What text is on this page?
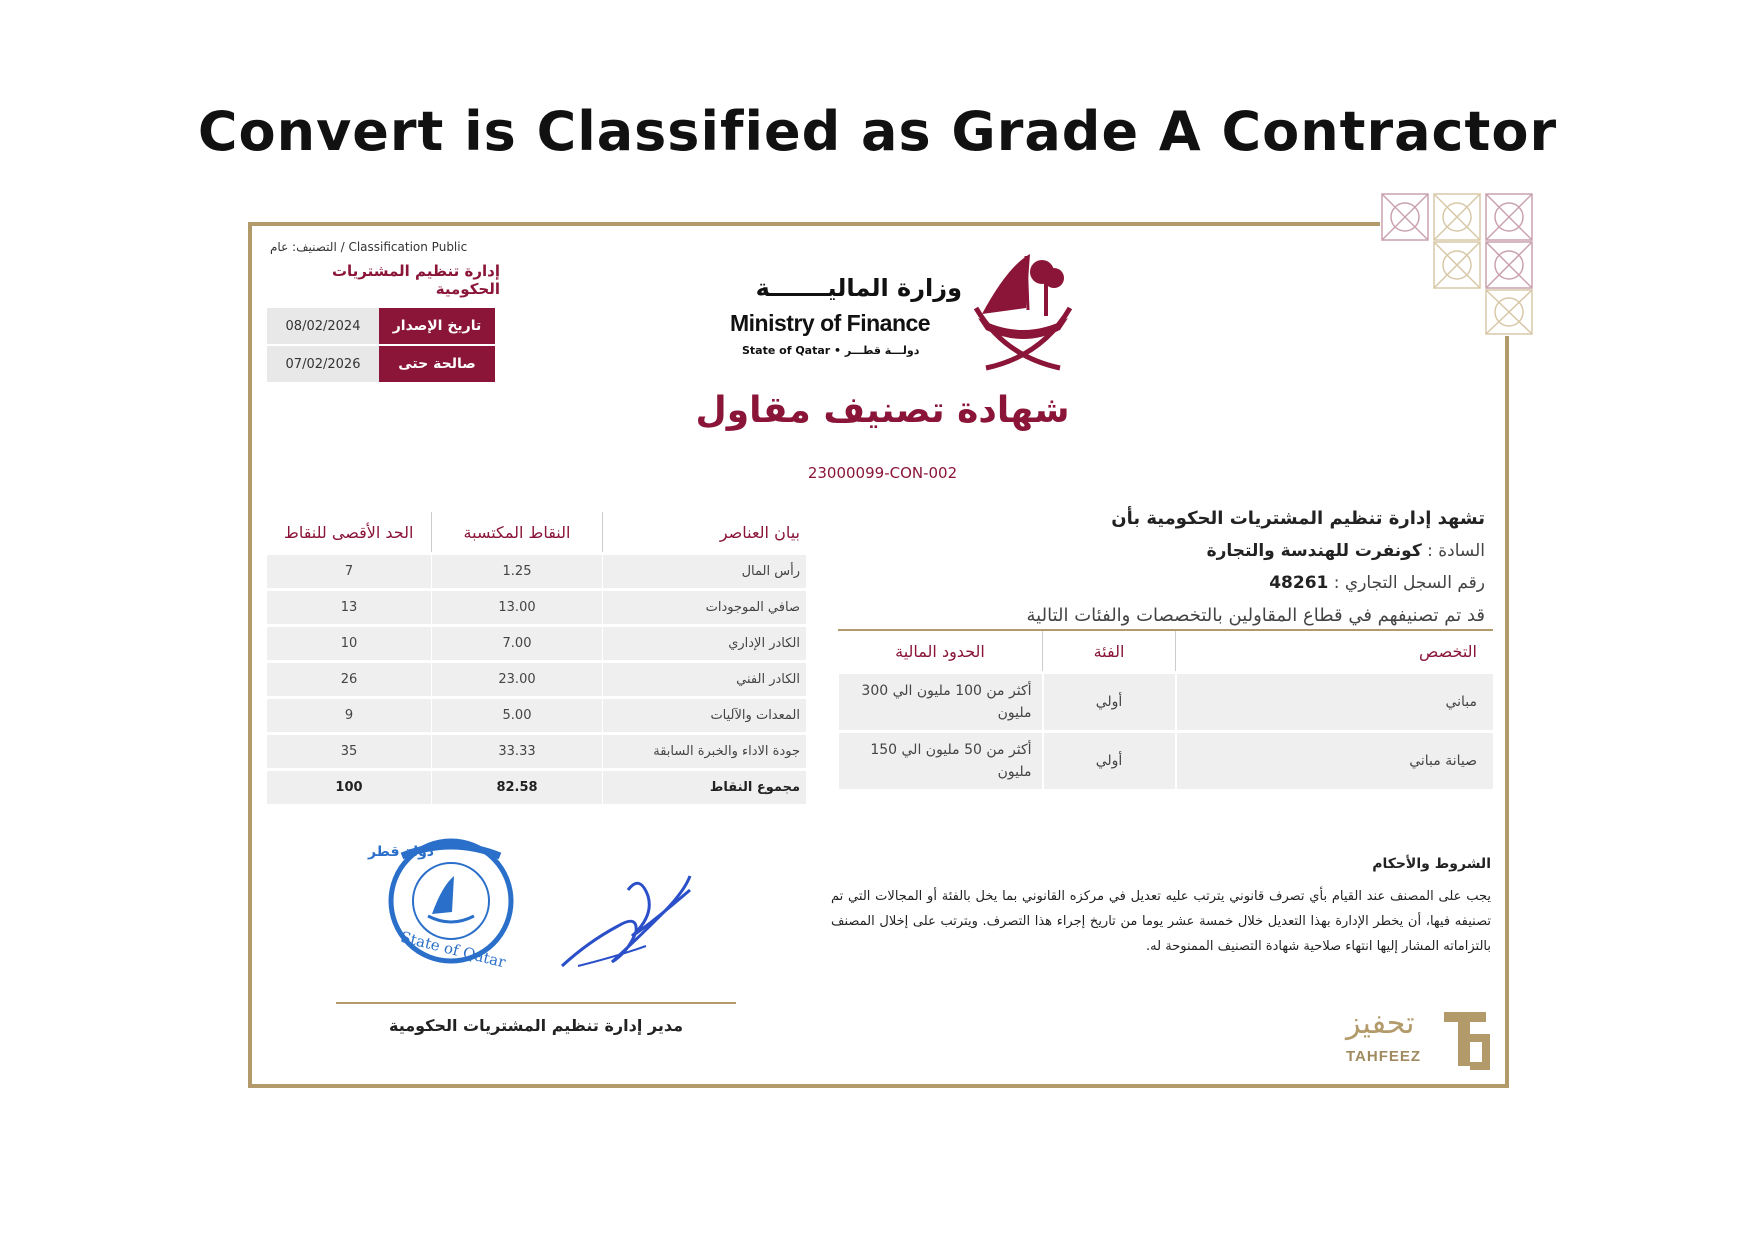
Convert is Classified as Grade A Contractor
التصنيف: عام / Classification Public
إدارة تنظيم المشتريات الحكومية
08/02/2024	تاريخ الإصدار
07/02/2026	صالحة حتى
وزارة الماليـــــــة
Ministry of Finance
State of Qatar • دولـــة قطـــر
شهادة تصنيف مقاول
23000099-CON-002
بيان العناصر	النقاط المكتسبة	الحد الأقصى للنقاط
رأس المال	1.25	7
صافي الموجودات	13.00	13
الكادر الإداري	7.00	10
الكادر الفني	23.00	26
المعدات والآليات	5.00	9
جودة الاداء والخبرة السابقة	33.33	35
مجموع النقاط	82.58	100
تشهد إدارة تنظيم المشتريات الحكومية بأن
السادة : كونفرت للهندسة والتجارة
رقم السجل التجاري : 48261
قد تم تصنيفهم في قطاع المقاولين بالتخصصات والفئات التالية
التخصص	الفئة	الحدود المالية
مباني	أولي	أكثر من 100 مليون الي 300 مليون
صيانة مباني	أولي	أكثر من 50 مليون الي 150 مليون
الشروط والأحكام
يجب على المصنف عند القيام بأي تصرف قانوني يترتب عليه تعديل في مركزه القانوني بما يخل بالفئة أو المجالات التي تم تصنيفه فيها، أن يخطر الإدارة بهذا التعديل خلال خمسة عشر يوما من تاريخ إجراء هذا التصرف. ويترتب على إخلال المصنف بالتزاماته المشار إليها انتهاء صلاحية شهادة التصنيف الممنوحة له.
State of Qatar
دولة قطر
مدير إدارة تنظيم المشتريات الحكومية	تحفيز
TAHFEEZ
